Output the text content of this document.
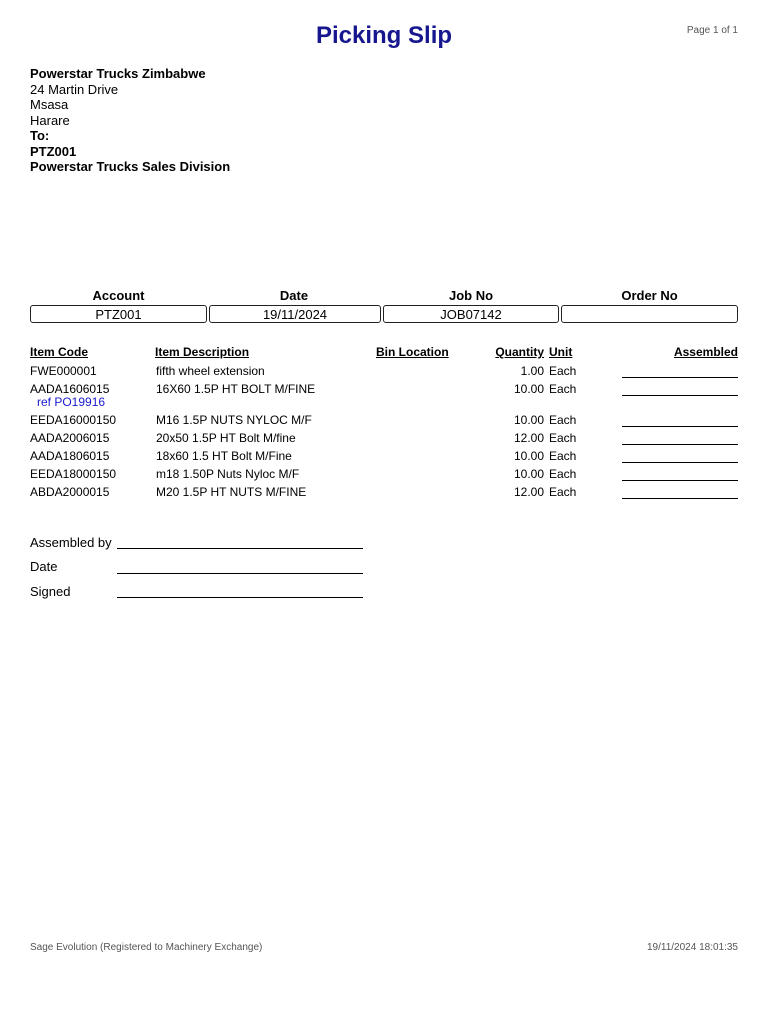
Picking Slip	Page 1 of 1
Powerstar Trucks Zimbabwe
24 Martin Drive
Msasa
Harare
To:
PTZ001
Powerstar Trucks Sales Division
Account	Date	Job No	Order No
PTZ001	19/11/2024	JOB07142
Item Code	Item Description	Bin Location	Quantity Unit	Assembled
FWE000001	fifth wheel extension	1.00 Each
AADA1606015	16X60 1.5P HT BOLT M/FINE	10.00 Each
ref PO19916
EEDA16000150	M16 1.5P NUTS NYLOC M/F	10.00 Each
AADA2006015	20x50 1.5P HT Bolt M/fine	12.00 Each
AADA1806015	18x60 1.5 HT Bolt M/Fine	10.00 Each
EEDA18000150	m18 1.50P Nuts Nyloc M/F	10.00 Each
ABDA2000015	M20 1.5P HT NUTS M/FINE	12.00 Each
Assembled by
Date
Signed
Sage Evolution (Registered to Machinery Exchange)	19/11/2024 18:01:35
